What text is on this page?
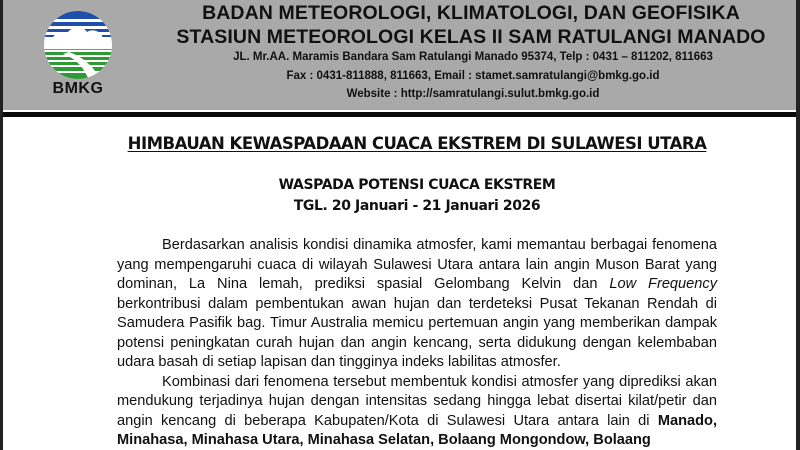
BMKG
BADAN METEOROLOGI, KLIMATOLOGI, DAN GEOFISIKA
STASIUN METEOROLOGI KELAS II SAM RATULANGI MANADO
JL. Mr.AA. Maramis Bandara Sam Ratulangi Manado 95374, Telp : 0431 – 811202, 811663
Fax : 0431-811888, 811663, Email : stamet.samratulangi@bmkg.go.id
Website : http://samratulangi.sulut.bmkg.go.id
HIMBAUAN KEWASPADAAN CUACA EKSTREM DI SULAWESI UTARA
WASPADA POTENSI CUACA EKSTREM
TGL. 20 Januari - 21 Januari 2026

Berdasarkan analisis kondisi dinamika atmosfer, kami memantau berbagai fenomena yang mempengaruhi cuaca di wilayah Sulawesi Utara antara lain angin Muson Barat yang dominan, La Nina lemah, prediksi spasial Gelombang Kelvin dan Low Frequency berkontribusi dalam pembentukan awan hujan dan terdeteksi Pusat Tekanan Rendah di Samudera Pasifik bag. Timur Australia memicu pertemuan angin yang memberikan dampak potensi peningkatan curah hujan dan angin kencang, serta didukung dengan kelembaban udara basah di setiap lapisan dan tingginya indeks labilitas atmosfer.

Kombinasi dari fenomena tersebut membentuk kondisi atmosfer yang diprediksi akan mendukung terjadinya hujan dengan intensitas sedang hingga lebat disertai kilat/petir dan angin kencang di beberapa Kabupaten/Kota di Sulawesi Utara antara lain di Manado, Minahasa, Minahasa Utara, Minahasa Selatan, Bolaang Mongondow, Bolaang
